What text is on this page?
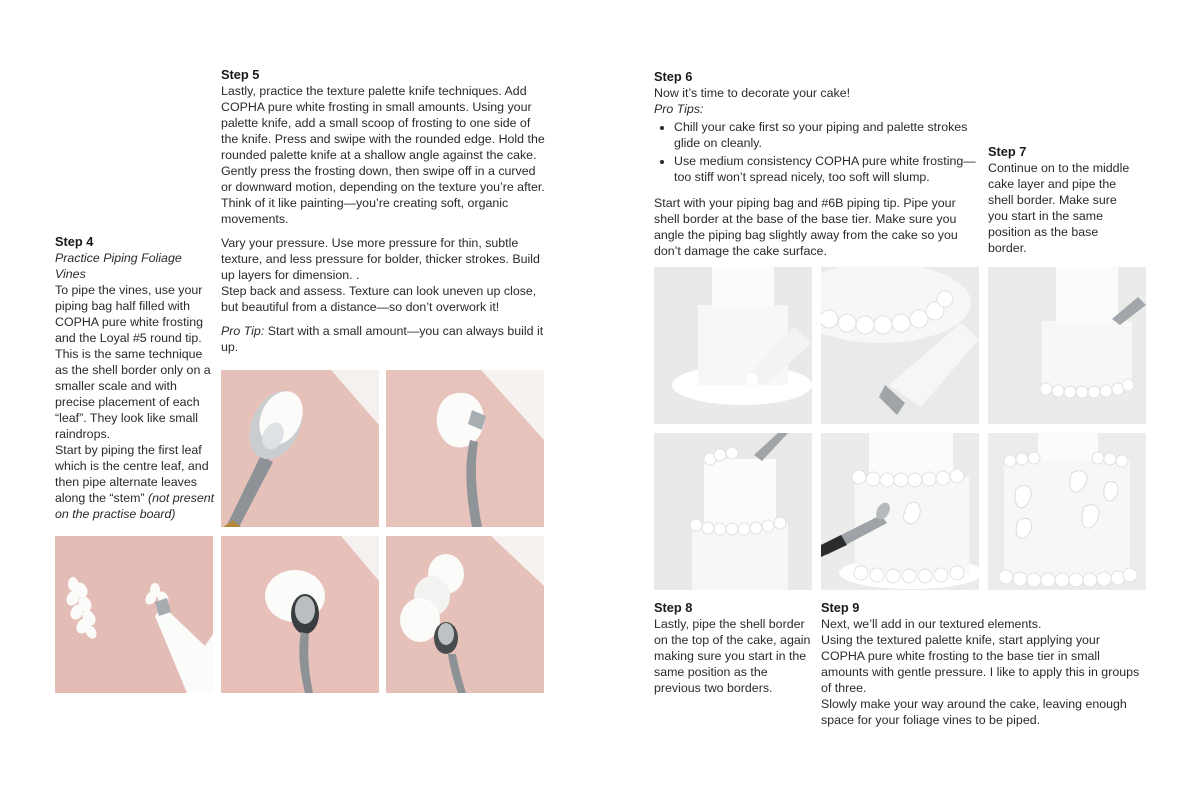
Step 4

Practice Piping Foliage Vines

To pipe the vines, use your piping bag half filled with COPHA pure white frosting and the Loyal #5 round tip. This is the same technique as the shell border only on a smaller scale and with precise placement of each “leaf”. They look like small raindrops.

Start by piping the first leaf which is the centre leaf, and then pipe alternate leaves along the “stem” (not present on the practise board)

Step 5

Lastly, practice the texture palette knife techniques. Add COPHA pure white frosting in small amounts. Using your palette knife, add a small scoop of frosting to one side of the knife. Press and swipe with the rounded edge. Hold the rounded palette knife at a shallow angle against the cake. Gently press the frosting down, then swipe off in a curved or downward motion, depending on the texture you’re after. Think of it like painting—you’re creating soft, organic movements.

Vary your pressure. Use more pressure for thin, subtle texture, and less pressure for bolder, thicker strokes. Build up layers for dimension. .

Step back and assess. Texture can look uneven up close, but beautiful from a distance—so don’t overwork it!

Pro Tip: Start with a small amount—you can always build it up.

Step 6

Now it’s time to decorate your cake!

Pro Tips:

• Chill your cake first so your piping and palette strokes glide on cleanly.
• Use medium consistency COPHA pure white frosting—too stiff won’t spread nicely, too soft will slump.

Start with your piping bag and #6B piping tip. Pipe your shell border at the base of the base tier. Make sure you angle the piping bag slightly away from the cake so you don’t damage the cake surface.

Step 7

Continue on to the middle cake layer and pipe the shell border. Make sure you start in the same position as the base border.

Step 8

Lastly, pipe the shell border on the top of the cake, again making sure you start in the same position as the previous two borders.

Step 9

Next, we’ll add in our textured elements.

Using the textured palette knife, start applying your COPHA pure white frosting to the base tier in small amounts with gentle pressure. I like to apply this in groups of three.

Slowly make your way around the cake, leaving enough space for your foliage vines to be piped.
